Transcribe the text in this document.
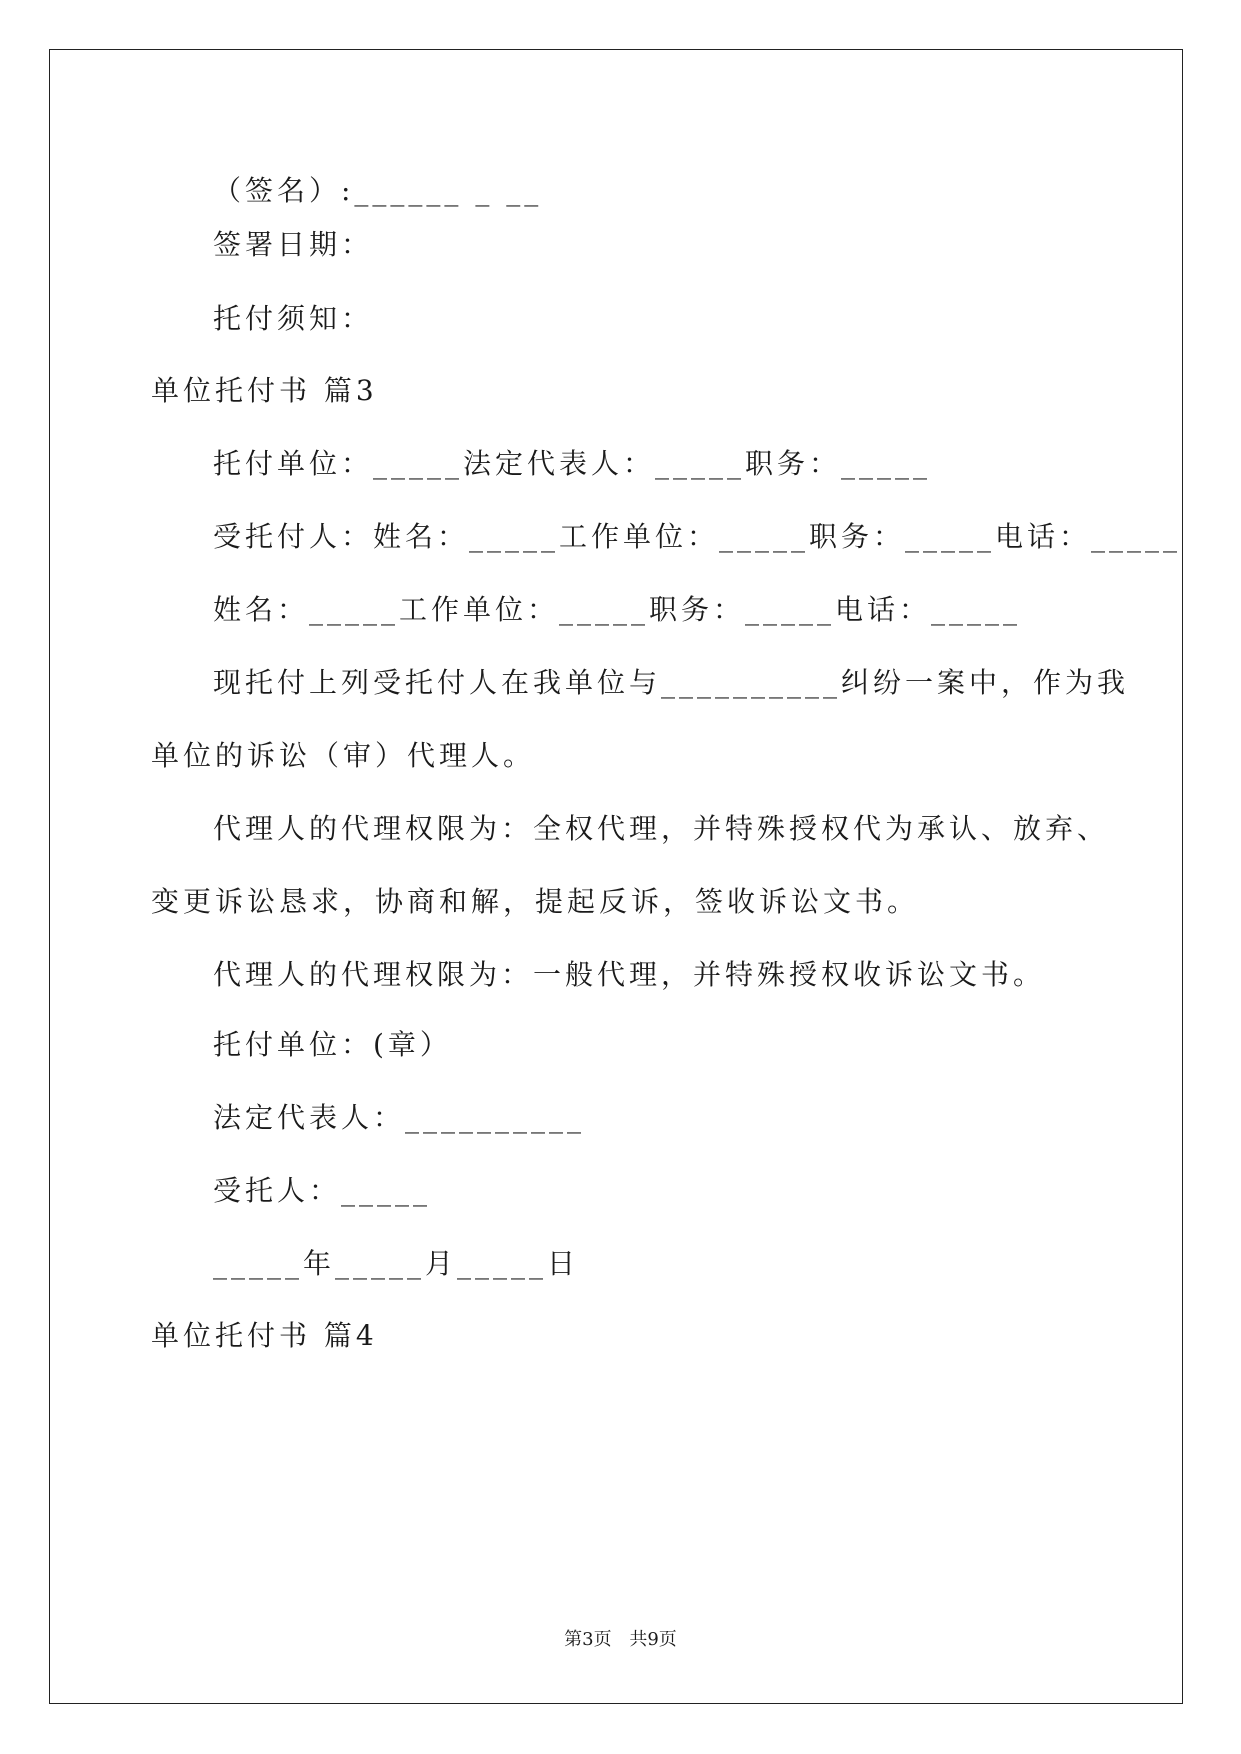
（签名）:______ _ __
签署日期：
托付须知：
单位托付书 篇3
托付单位：_____法定代表人：_____职务：_____
受托付人：姓名：_____工作单位：_____职务：_____电话：_____
姓名：_____工作单位：_____职务：_____电话：_____
现托付上列受托付人在我单位与__________纠纷一案中，作为我
单位的诉讼（审）代理人。
代理人的代理权限为：全权代理，并特殊授权代为承认、放弃、
变更诉讼恳求，协商和解，提起反诉，签收诉讼文书。
代理人的代理权限为：一般代理，并特殊授权收诉讼文书。
托付单位：(章）
法定代表人：__________
受托人：_____
_____年_____月_____日
单位托付书 篇4
第3页 共9页
